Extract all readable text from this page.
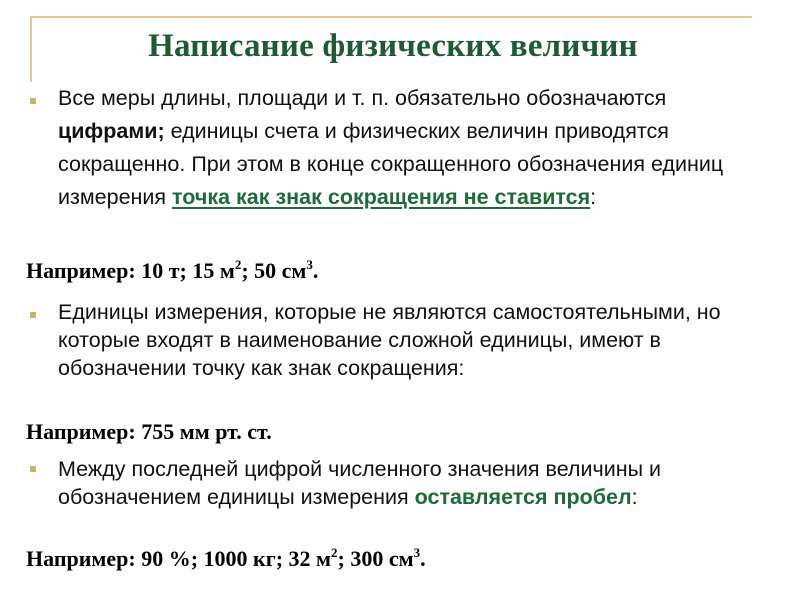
Написание физических величин
Все меры длины, площади и т. п. обязательно обозначаются цифрами; единицы счета и физических величин приводятся сокращенно. При этом в конце сокращенного обозначения единиц измерения точка как знак сокращения не ставится:
Например: 10 т; 15 $м^2$; 50 $см^3$.
Единицы измерения, которые не являются самостоятельными, но которые входят в наименование сложной единицы, имеют в обозначении точку как знак сокращения:
Например: 755 мм рт. ст.
Между последней цифрой численного значения величины и обозначением единицы измерения оставляется пробел:
Например: 90 %; 1000 кг; 32 $м^2$; 300 $см^3$.
